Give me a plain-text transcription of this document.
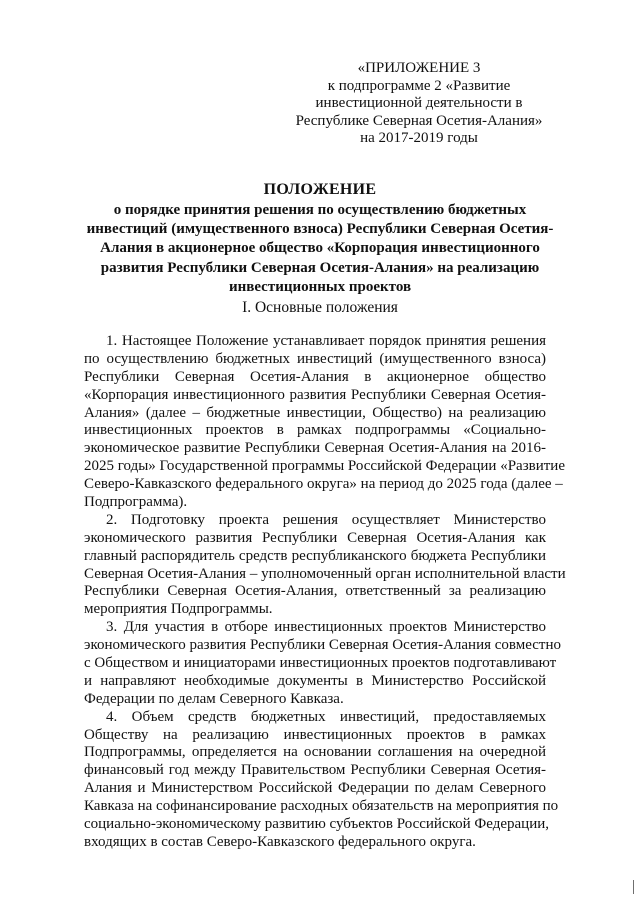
«ПРИЛОЖЕНИЕ 3
к подпрограмме 2 «Развитие
инвестиционной деятельности в
Республике Северная Осетия-Алания»
на 2017-2019 годы
ПОЛОЖЕНИЕ
о порядке принятия решения по осуществлению бюджетных
инвестиций (имущественного взноса) Республики Северная Осетия-
Алания в акционерное общество «Корпорация инвестиционного
развития Республики Северная Осетия-Алания» на реализацию
инвестиционных проектов
I. Основные положения
1. Настоящее Положение устанавливает порядок принятия решения
по осуществлению бюджетных инвестиций (имущественного взноса)
Республики Северная Осетия-Алания в акционерное общество
«Корпорация инвестиционного развития Республики Северная Осетия-
Алания» (далее – бюджетные инвестиции, Общество) на реализацию
инвестиционных проектов в рамках подпрограммы «Социально-
экономическое развитие Республики Северная Осетия-Алания на 2016-
2025 годы» Государственной программы Российской Федерации «Развитие
Северо-Кавказского федерального округа» на период до 2025 года (далее –
Подпрограмма).
2. Подготовку проекта решения осуществляет Министерство
экономического развития Республики Северная Осетия-Алания как
главный распорядитель средств республиканского бюджета Республики
Северная Осетия-Алания – уполномоченный орган исполнительной власти
Республики Северная Осетия-Алания, ответственный за реализацию
мероприятия Подпрограммы.
3. Для участия в отборе инвестиционных проектов Министерство
экономического развития Республики Северная Осетия-Алания совместно
с Обществом и инициаторами инвестиционных проектов подготавливают
и направляют необходимые документы в Министерство Российской
Федерации по делам Северного Кавказа.
4. Объем средств бюджетных инвестиций, предоставляемых
Обществу на реализацию инвестиционных проектов в рамках
Подпрограммы, определяется на основании соглашения на очередной
финансовый год между Правительством Республики Северная Осетия-
Алания и Министерством Российской Федерации по делам Северного
Кавказа на софинансирование расходных обязательств на мероприятия по
социально-экономическому развитию субъектов Российской Федерации,
входящих в состав Северо-Кавказского федерального округа.
